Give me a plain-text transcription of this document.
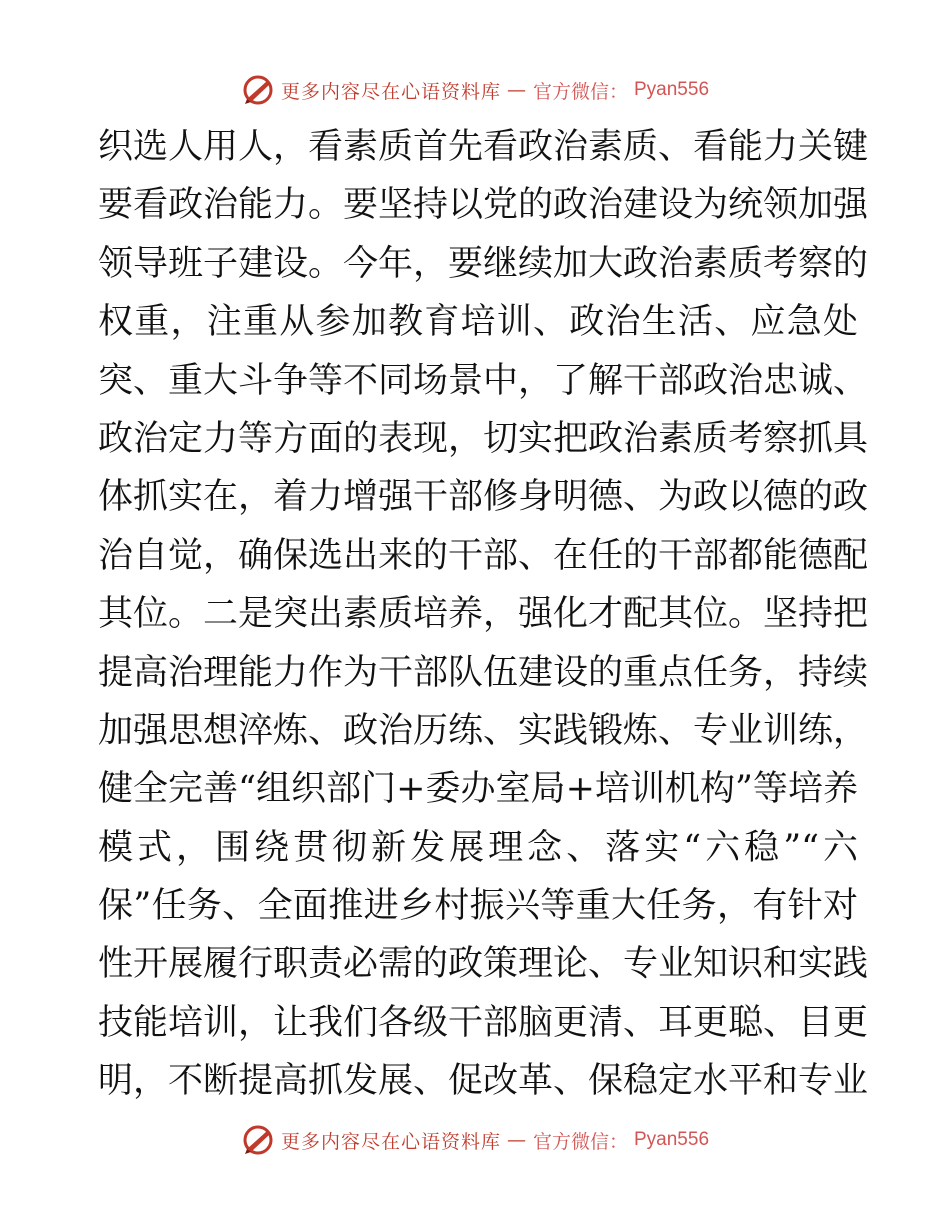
更多内容尽在心语资料库 — 官方微信： Pyan556
织选人用人，看素质首先看政治素质、看能力关键
要看政治能力。要坚持以党的政治建设为统领加强
领导班子建设。今年，要继续加大政治素质考察的
权重，注重从参加教育培训、政治生活、应急处
突、重大斗争等不同场景中，了解干部政治忠诚、
政治定力等方面的表现，切实把政治素质考察抓具
体抓实在，着力增强干部修身明德、为政以德的政
治自觉，确保选出来的干部、在任的干部都能德配
其位。二是突出素质培养，强化才配其位。坚持把
提高治理能力作为干部队伍建设的重点任务，持续
加强思想淬炼、政治历练、实践锻炼、专业训练，
健全完善“组织部门+委办室局+培训机构”等培养
模式，围绕贯彻新发展理念、落实“六稳”“六
保”任务、全面推进乡村振兴等重大任务，有针对
性开展履行职责必需的政策理论、专业知识和实践
技能培训，让我们各级干部脑更清、耳更聪、目更
明，不断提高抓发展、促改革、保稳定水平和专业
更多内容尽在心语资料库 — 官方微信： Pyan556
